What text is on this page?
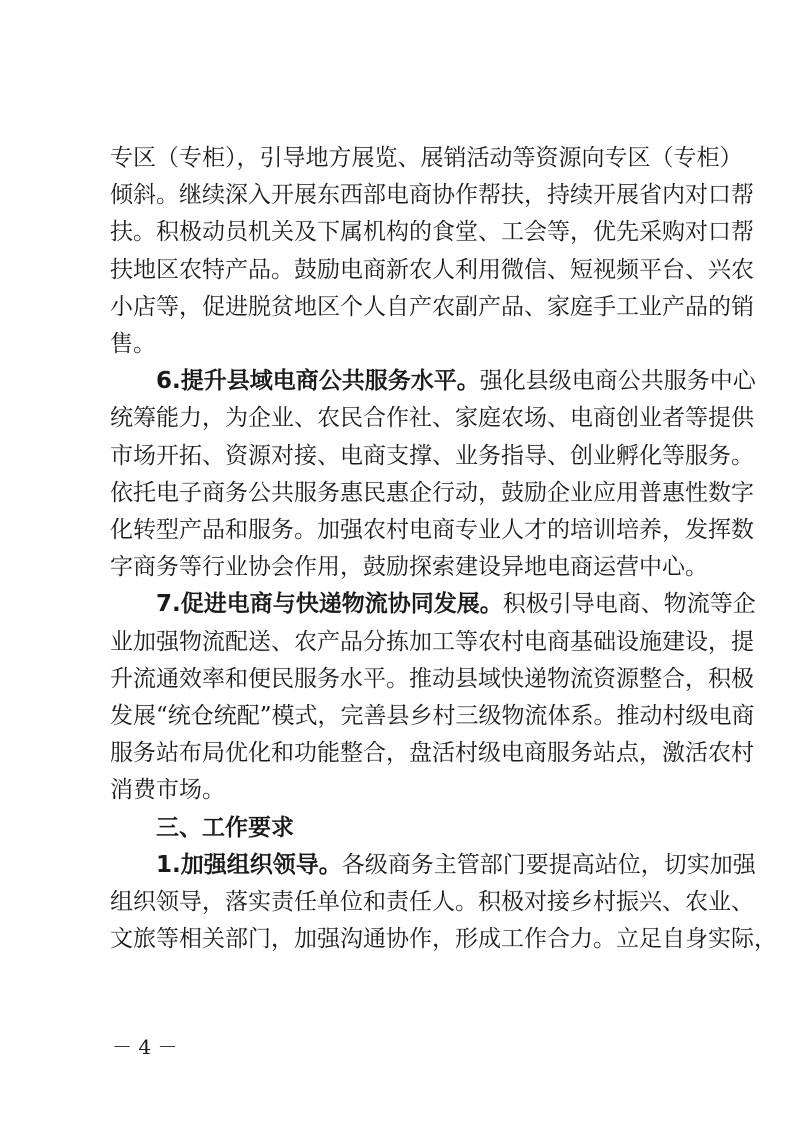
专区（专柜），引导地方展览、展销活动等资源向专区（专柜）
倾斜。继续深入开展东西部电商协作帮扶，持续开展省内对口帮
扶。积极动员机关及下属机构的食堂、工会等，优先采购对口帮
扶地区农特产品。鼓励电商新农人利用微信、短视频平台、兴农
小店等，促进脱贫地区个人自产农副产品、家庭手工业产品的销
售。
6.提升县域电商公共服务水平。强化县级电商公共服务中心
统筹能力，为企业、农民合作社、家庭农场、电商创业者等提供
市场开拓、资源对接、电商支撑、业务指导、创业孵化等服务。
依托电子商务公共服务惠民惠企行动，鼓励企业应用普惠性数字
化转型产品和服务。加强农村电商专业人才的培训培养，发挥数
字商务等行业协会作用，鼓励探索建设异地电商运营中心。
7.促进电商与快递物流协同发展。积极引导电商、物流等企
业加强物流配送、农产品分拣加工等农村电商基础设施建设，提
升流通效率和便民服务水平。推动县域快递物流资源整合，积极
发展“统仓统配”模式，完善县乡村三级物流体系。推动村级电商
服务站布局优化和功能整合，盘活村级电商服务站点，激活农村
消费市场。
三、工作要求
1.加强组织领导。各级商务主管部门要提高站位，切实加强
组织领导，落实责任单位和责任人。积极对接乡村振兴、农业、
文旅等相关部门，加强沟通协作，形成工作合力。立足自身实际，
－ 4 －
